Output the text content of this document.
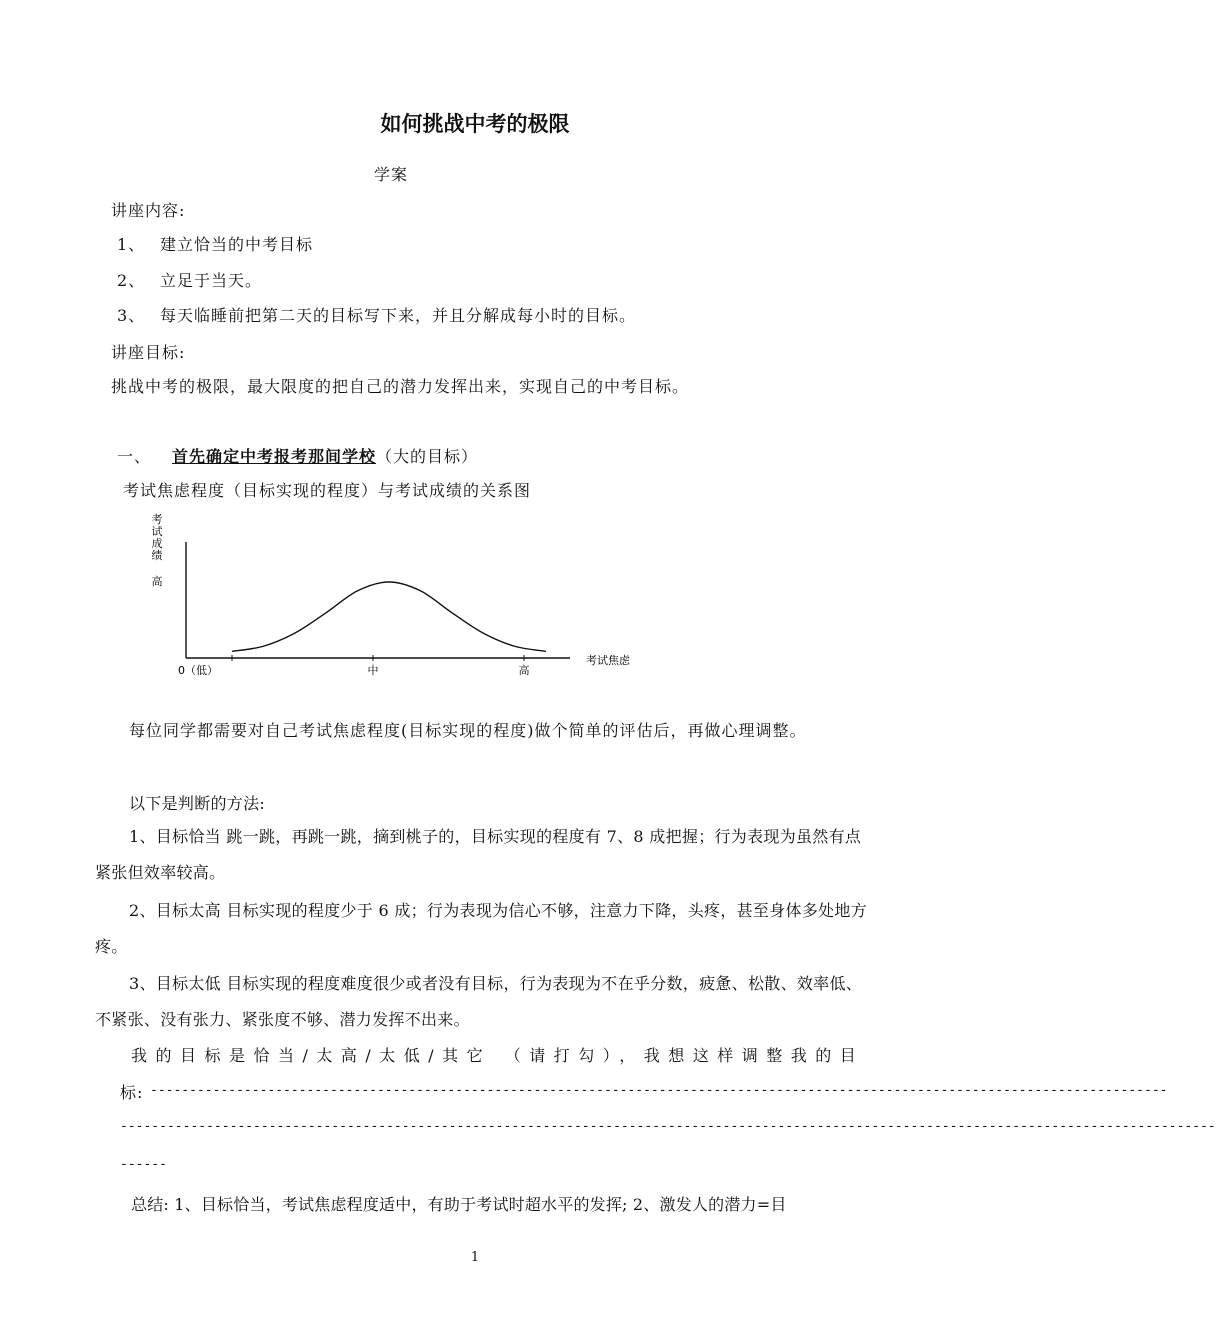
如何挑战中考的极限
学案
讲座内容:
1、 建立恰当的中考目标
2、 立足于当天。
3、 每天临睡前把第二天的目标写下来，并且分解成每小时的目标。
讲座目标:
挑战中考的极限，最大限度的把自己的潜力发挥出来，实现自己的中考目标。
一、 首先确定中考报考那间学校（大的目标）
考试焦虑程度（目标实现的程度）与考试成绩的关系图
考
试
成
绩
高
0（低）	中	高
考试焦虑
每位同学都需要对自己考试焦虑程度(目标实现的程度)做个简单的评估后，再做心理调整。
以下是判断的方法:
1、目标恰当 跳一跳，再跳一跳，摘到桃子的，目标实现的程度有 7、8 成把握；行为表现为虽然有点紧张但效率较高。
2、目标太高 目标实现的程度少于 6 成；行为表现为信心不够，注意力下降，头疼，甚至身体多处地方疼。
3、目标太低 目标实现的程度难度很少或者没有目标，行为表现为不在乎分数，疲惫、松散、效率低、不紧张、没有张力、紧张度不够、潜力发挥不出来。
我的目标是恰当/太高/太低/其它 （请打勾），我想这样调整我的目
标: ----------------------------------------------------------------------------------------------------------------------------------
--------------------------------------------------------------------------------------------------------------------------------------------
------
总结: 1、目标恰当，考试焦虑程度适中，有助于考试时超水平的发挥; 2、激发人的潜力=目
1
